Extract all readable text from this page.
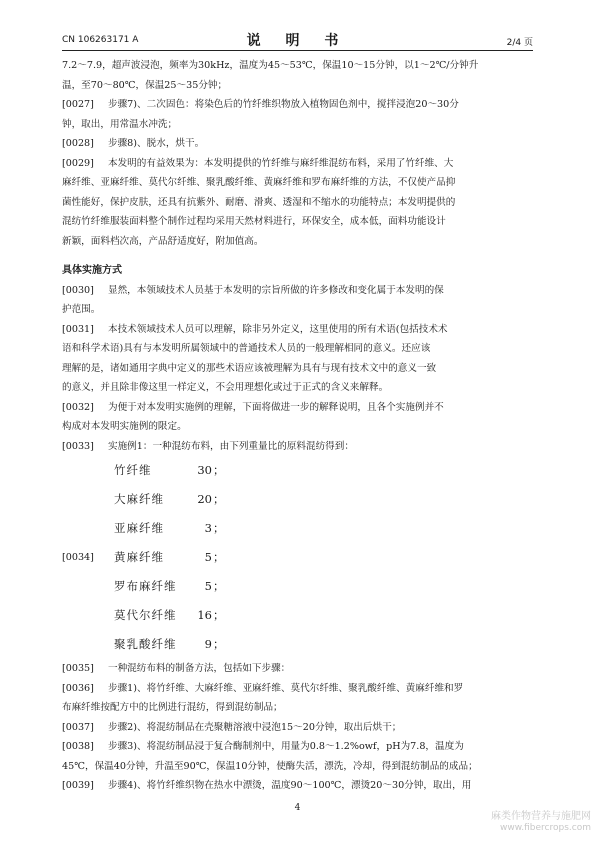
CN 106263171 A	说 明 书	2/4 页
7.2～7.9，超声波浸泡，频率为30kHz，温度为45～53℃，保温10～15分钟，以1～2℃/分钟升
温，至70～80℃，保温25～35分钟；
[0027] 步骤7)、二次固色：将染色后的竹纤维织物放入植物固色剂中，搅拌浸泡20～30分
钟，取出，用常温水冲洗；
[0028] 步骤8)、脱水，烘干。
[0029] 本发明的有益效果为：本发明提供的竹纤维与麻纤维混纺布料，采用了竹纤维、大
麻纤维、亚麻纤维、莫代尔纤维、聚乳酸纤维、黄麻纤维和罗布麻纤维的方法，不仅使产品抑
菌性能好，保护皮肤，还具有抗紫外、耐磨、滑爽、透湿和不缩水的功能特点；本发明提供的
混纺竹纤维服装面料整个制作过程均采用天然材料进行，环保安全，成本低，面料功能设计
新颖，面料档次高，产品舒适度好，附加值高。
具体实施方式
[0030] 显然，本领域技术人员基于本发明的宗旨所做的许多修改和变化属于本发明的保
护范围。
[0031] 本技术领域技术人员可以理解，除非另外定义，这里使用的所有术语(包括技术术
语和科学术语)具有与本发明所属领域中的普通技术人员的一般理解相同的意义。还应该
理解的是，诸如通用字典中定义的那些术语应该被理解为具有与现有技术文中的意义一致
的意义，并且除非像这里一样定义，不会用理想化或过于正式的含义来解释。
[0032] 为便于对本发明实施例的理解，下面将做进一步的解释说明，且各个实施例并不
构成对本发明实施例的限定。
[0033] 实施例1：一种混纺布料，由下列重量比的原料混纺得到：
竹纤维	30 ；
大麻纤维	20 ；
亚麻纤维	3 ；
[0034] 黄麻纤维	5 ；
罗布麻纤维	5 ；
莫代尔纤维	16 ；
聚乳酸纤维	9 ；
[0035] 一种混纺布料的制备方法，包括如下步骤：
[0036] 步骤1)、将竹纤维、大麻纤维、亚麻纤维、莫代尔纤维、聚乳酸纤维、黄麻纤维和罗
布麻纤维按配方中的比例进行混纺，得到混纺制品；
[0037] 步骤2)、将混纺制品在壳聚糖溶液中浸泡15～20分钟，取出后烘干；
[0038] 步骤3)、将混纺制品浸于复合酶制剂中，用量为0.8～1.2%owf，pH为7.8，温度为
45℃，保温40分钟，升温至90℃，保温10分钟，使酶失活，漂洗，冷却，得到混纺制品的成品；
[0039] 步骤4)、将竹纤维织物在热水中漂烫，温度90～100℃，漂烫20～30分钟，取出，用
4
麻类作物营养与施肥网
www.fibercrops.com
